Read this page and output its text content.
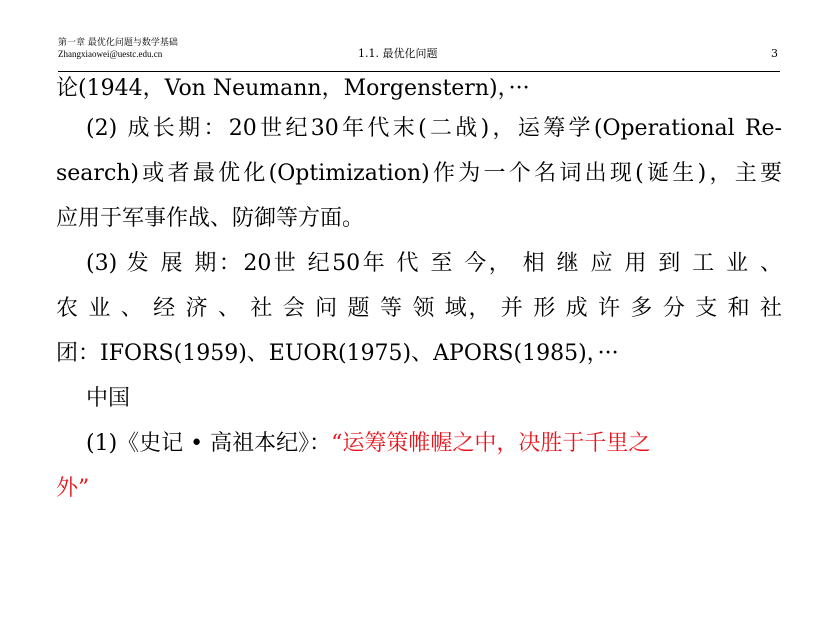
第一章 最优化问题与数学基础
Zhangxiaowei@uestc.edu.cn	1.1. 最优化问题	3
论(1944，Von Neumann，Morgenstern)，···
(2) 成长期：20世纪30年代末(二战)，运筹学(Operational Re-
search)或者最优化(Optimization)作为一个名词出现(诞生)，主要
应用于军事作战、防御等方面。
(3) 发 展 期：20世 纪50年 代 至 今， 相 继 应 用 到 工 业 、
农 业 、 经 济 、 社 会 问 题 等 领 域， 并 形 成 许 多 分 支 和 社
团：IFORS(1959)、EUOR(1975)、APORS(1985)，···
中国
(1)《史记 • 高祖本纪》：“运筹策帷幄之中，决胜于千里之
外”
